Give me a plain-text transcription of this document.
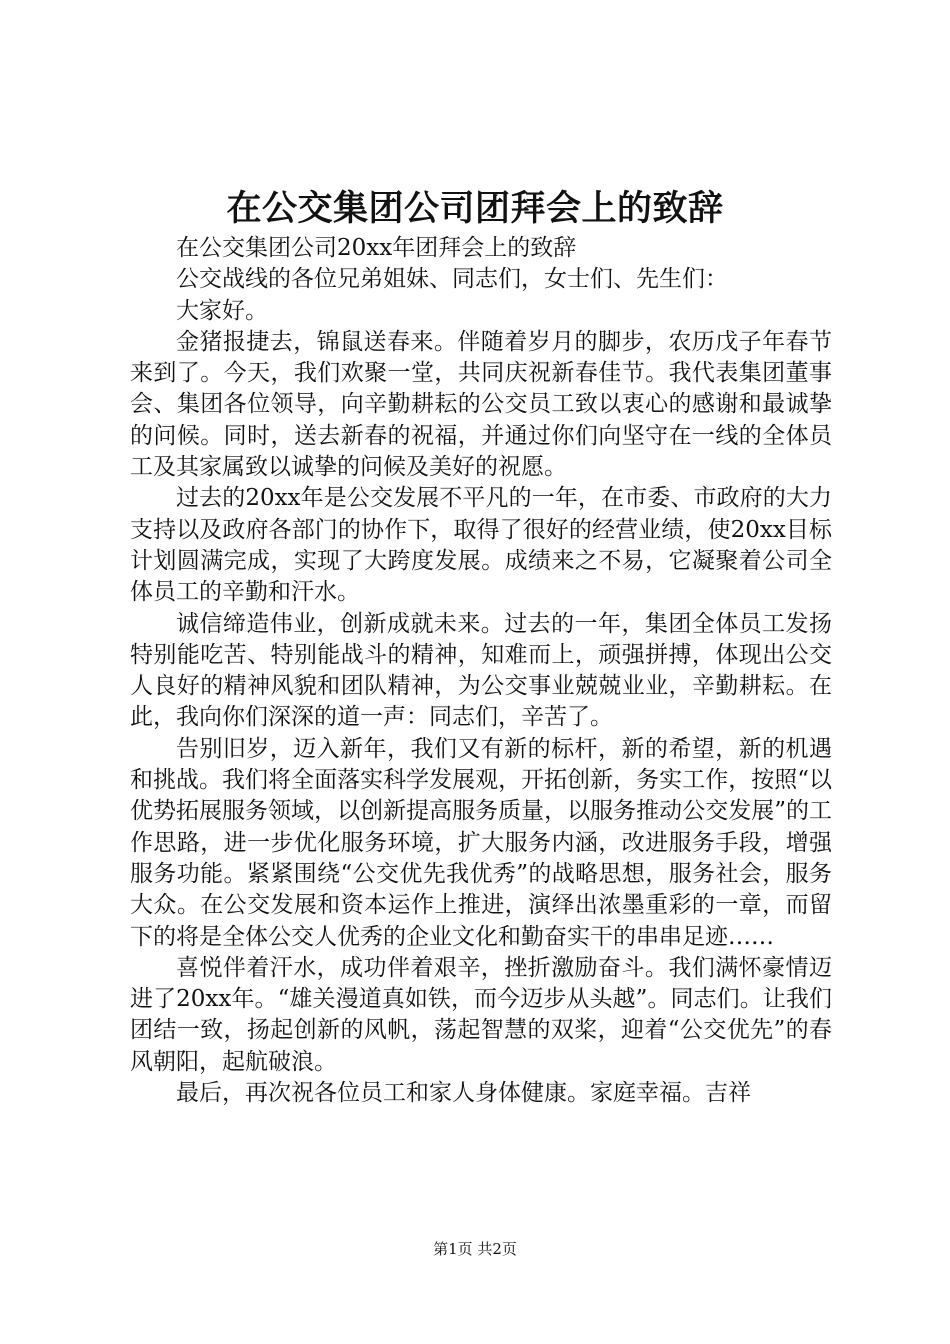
在公交集团公司团拜会上的致辞

在公交集团公司20xx年团拜会上的致辞

公交战线的各位兄弟姐妹、同志们，女士们、先生们：

大家好。

金猪报捷去，锦鼠送春来。伴随着岁月的脚步，农历戊子年春节来到了。今天，我们欢聚一堂，共同庆祝新春佳节。我代表集团董事会、集团各位领导，向辛勤耕耘的公交员工致以衷心的感谢和最诚挚的问候。同时，送去新春的祝福，并通过你们向坚守在一线的全体员工及其家属致以诚挚的问候及美好的祝愿。

过去的20xx年是公交发展不平凡的一年，在市委、市政府的大力支持以及政府各部门的协作下，取得了很好的经营业绩，使20xx目标计划圆满完成，实现了大跨度发展。成绩来之不易，它凝聚着公司全体员工的辛勤和汗水。

诚信缔造伟业，创新成就未来。过去的一年，集团全体员工发扬特别能吃苦、特别能战斗的精神，知难而上，顽强拼搏，体现出公交人良好的精神风貌和团队精神，为公交事业兢兢业业，辛勤耕耘。在此，我向你们深深的道一声：同志们，辛苦了。

告别旧岁，迈入新年，我们又有新的标杆，新的希望，新的机遇和挑战。我们将全面落实科学发展观，开拓创新，务实工作，按照“以优势拓展服务领域，以创新提高服务质量，以服务推动公交发展”的工作思路，进一步优化服务环境，扩大服务内涵，改进服务手段，增强服务功能。紧紧围绕“公交优先我优秀”的战略思想，服务社会，服务大众。在公交发展和资本运作上推进，演绎出浓墨重彩的一章，而留下的将是全体公交人优秀的企业文化和勤奋实干的串串足迹……

喜悦伴着汗水，成功伴着艰辛，挫折激励奋斗。我们满怀豪情迈进了20xx年。“雄关漫道真如铁，而今迈步从头越”。同志们。让我们团结一致，扬起创新的风帆，荡起智慧的双桨，迎着“公交优先”的春风朝阳，起航破浪。

最后，再次祝各位员工和家人身体健康。家庭幸福。吉祥

第1页 共2页
